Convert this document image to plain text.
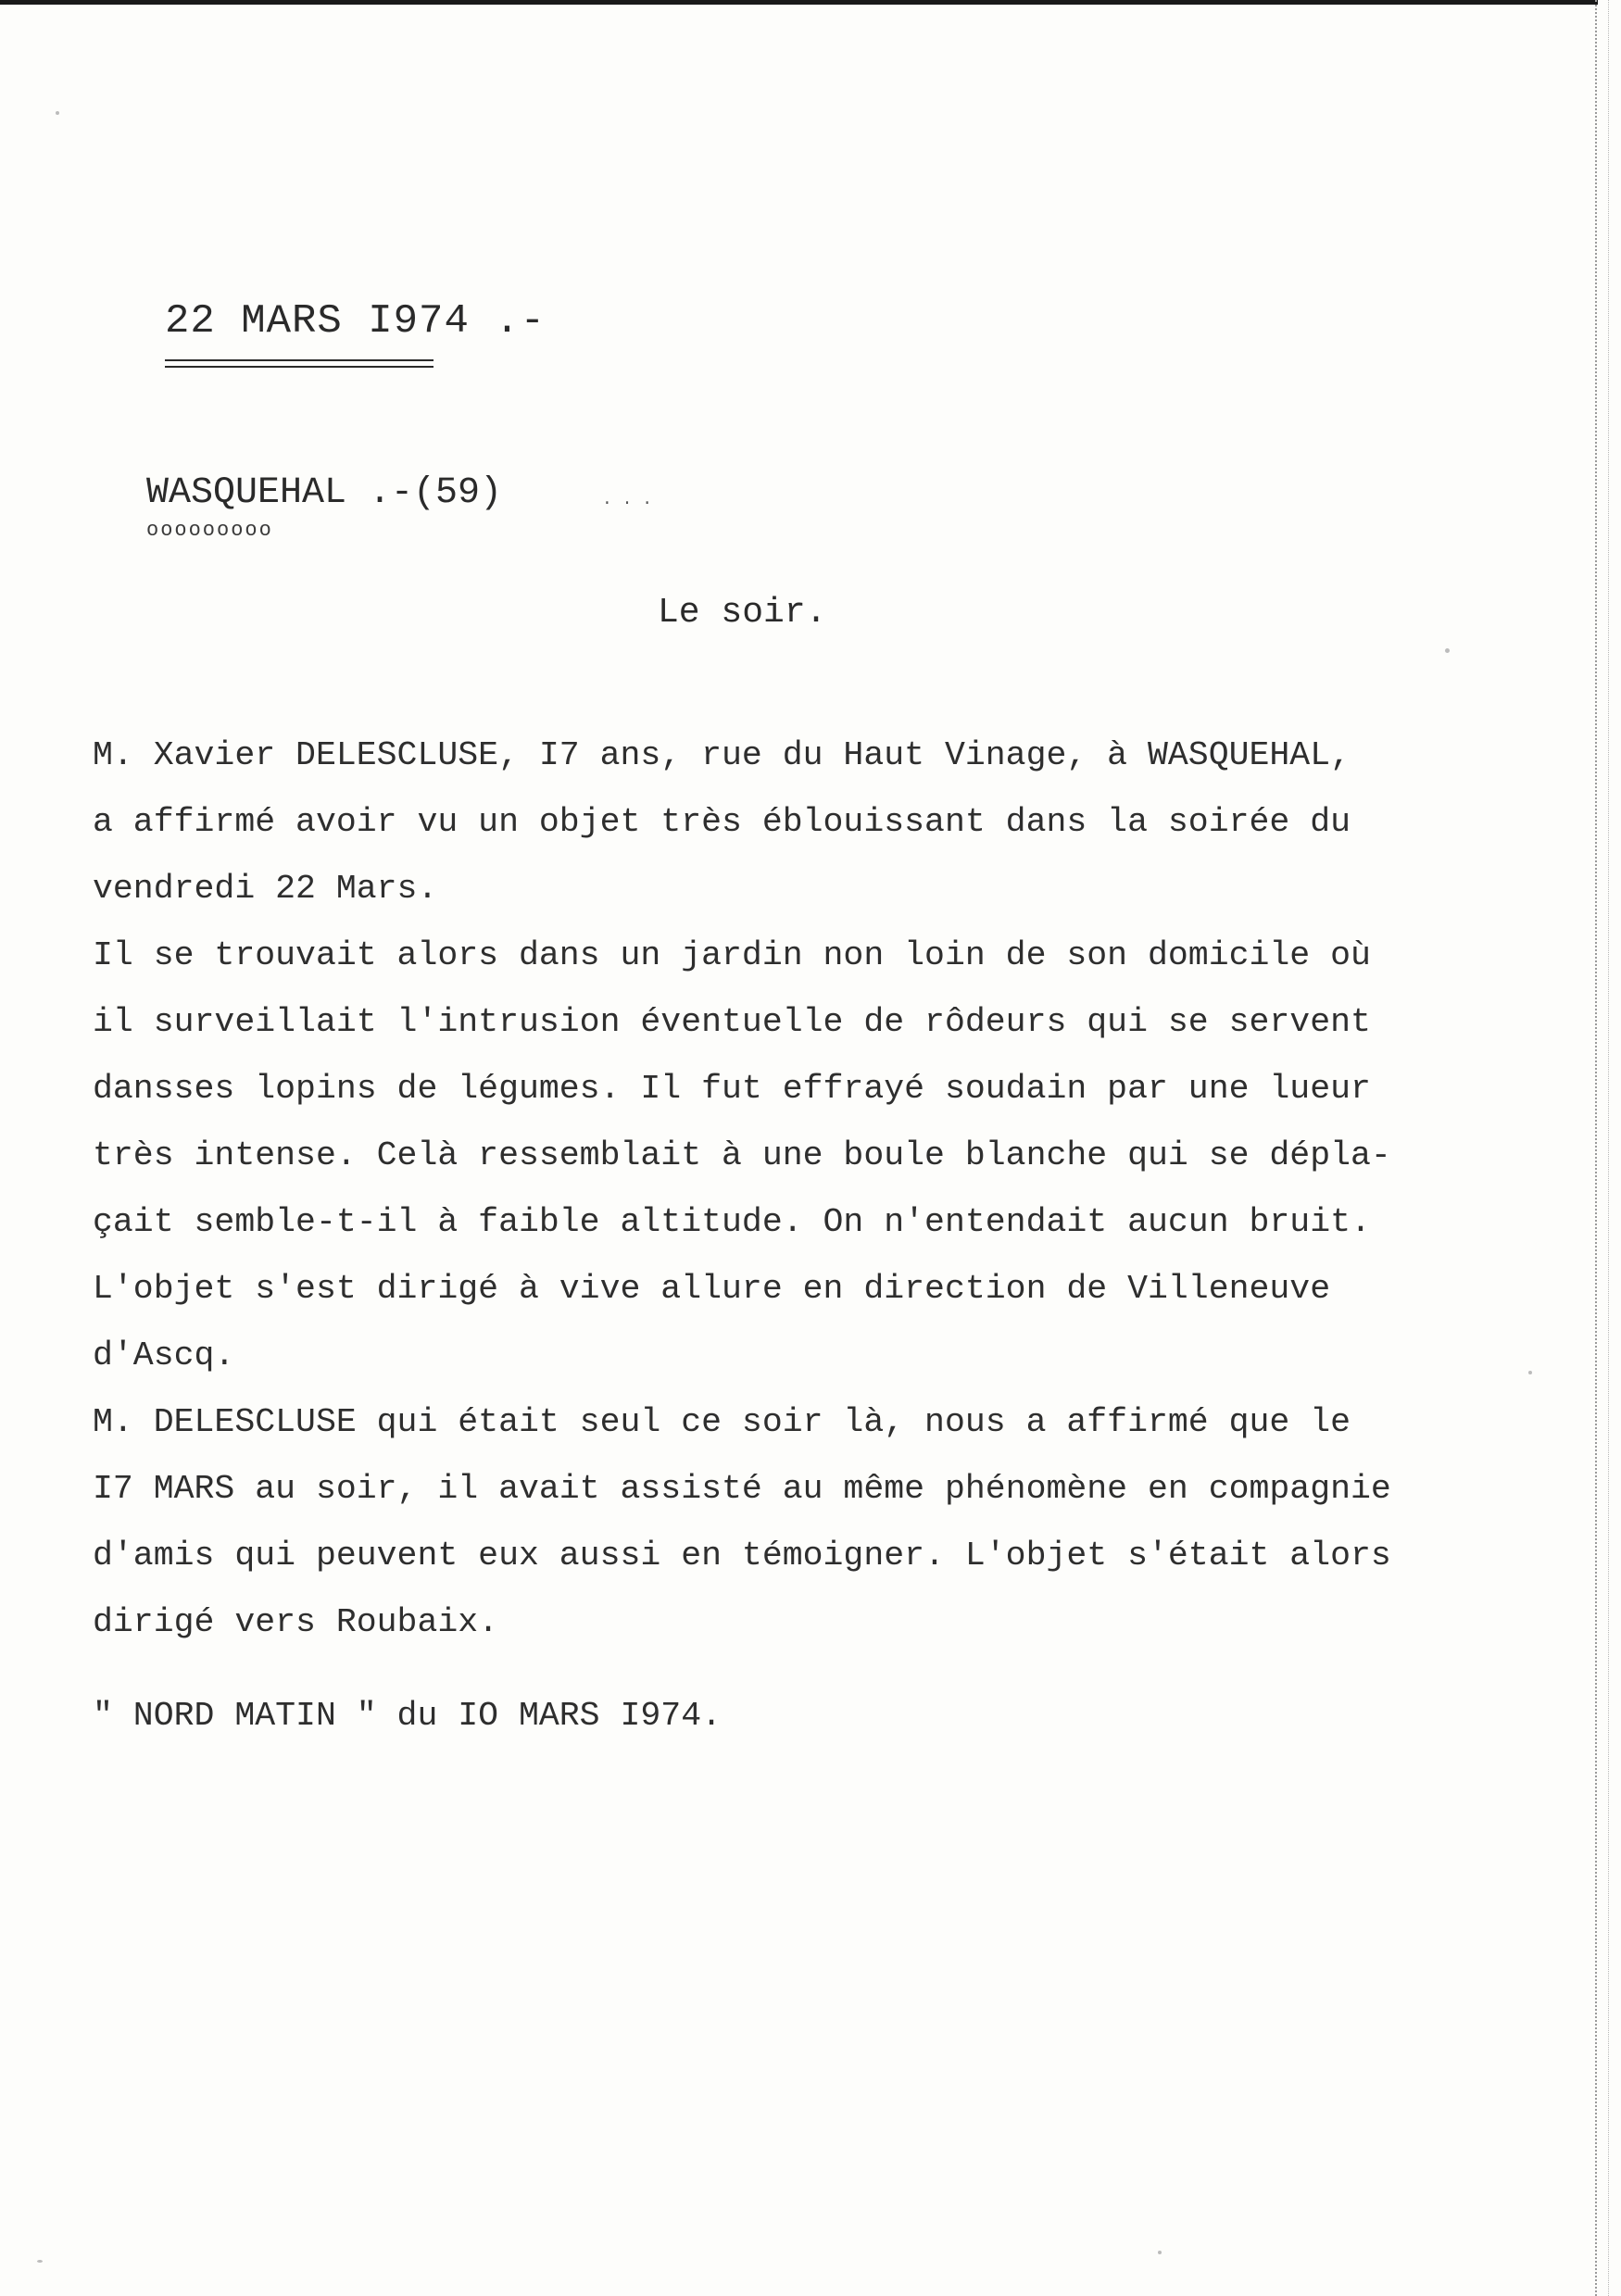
22 MARS I974 .-
WASQUEHAL .-(59)
ooooooooo
. . .
Le soir.
M. Xavier DELESCLUSE, I7 ans, rue du Haut Vinage, à WASQUEHAL,
a affirmé avoir vu un objet très éblouissant dans la soirée du
vendredi 22 Mars.
Il se trouvait alors dans un jardin non loin de son domicile où
il surveillait l'intrusion éventuelle de rôdeurs qui se servent
dansses lopins de légumes. Il fut effrayé soudain par une lueur
très intense. Celà ressemblait à une boule blanche qui se dépla-
çait semble-t-il à faible altitude. On n'entendait aucun bruit.
L'objet s'est dirigé à vive allure en direction de Villeneuve
d'Ascq.
M. DELESCLUSE qui était seul ce soir là, nous a affirmé que le
I7 MARS au soir, il avait assisté au même phénomène en compagnie
d'amis qui peuvent eux aussi en témoigner. L'objet s'était alors
dirigé vers Roubaix.
" NORD MATIN " du IO MARS I974.
